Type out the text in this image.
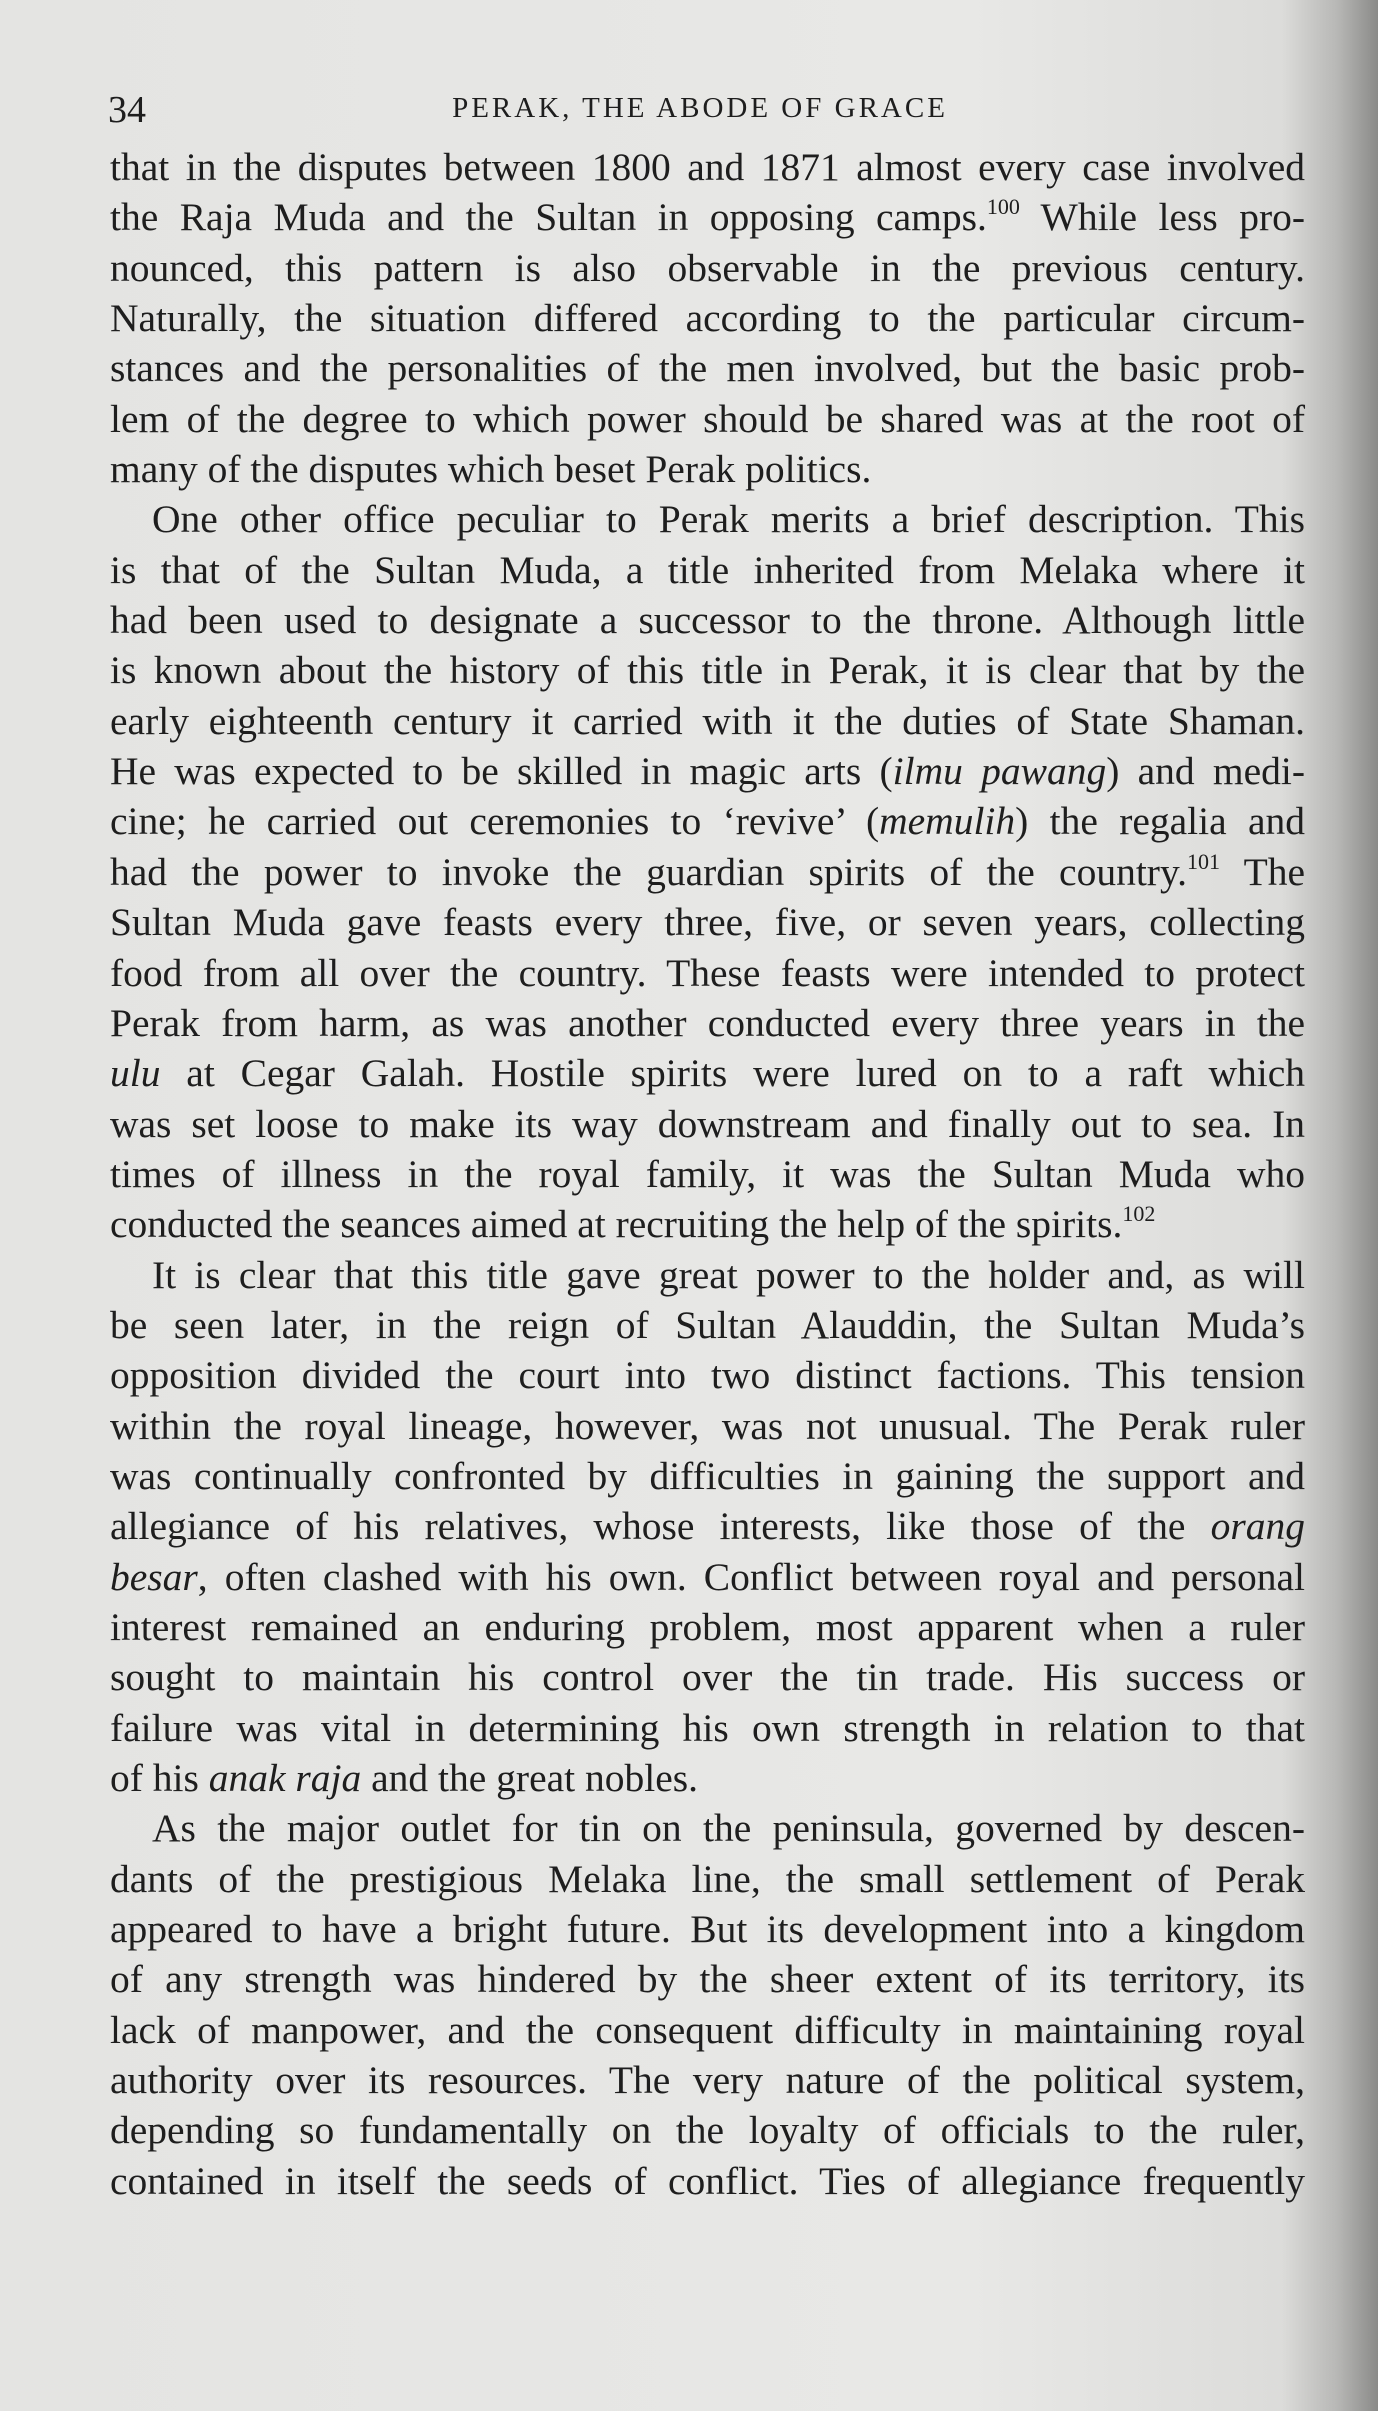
34	PERAK, THE ABODE OF GRACE
that in the disputes between 1800 and 1871 almost every case involved
the Raja Muda and the Sultan in opposing camps.$^{100}$ While less pro-
nounced, this pattern is also observable in the previous century.
Naturally, the situation differed according to the particular circum-
stances and the personalities of the men involved, but the basic prob-
lem of the degree to which power should be shared was at the root of
many of the disputes which beset Perak politics.
One other office peculiar to Perak merits a brief description. This
is that of the Sultan Muda, a title inherited from Melaka where it
had been used to designate a successor to the throne. Although little
is known about the history of this title in Perak, it is clear that by the
early eighteenth century it carried with it the duties of State Shaman.
He was expected to be skilled in magic arts (ilmu pawang) and medi-
cine; he carried out ceremonies to ‘revive’ (memulih) the regalia and
had the power to invoke the guardian spirits of the country.$^{101}$ The
Sultan Muda gave feasts every three, five, or seven years, collecting
food from all over the country. These feasts were intended to protect
Perak from harm, as was another conducted every three years in the
ulu at Cegar Galah. Hostile spirits were lured on to a raft which
was set loose to make its way downstream and finally out to sea. In
times of illness in the royal family, it was the Sultan Muda who
conducted the seances aimed at recruiting the help of the spirits.$^{102}$
It is clear that this title gave great power to the holder and, as will
be seen later, in the reign of Sultan Alauddin, the Sultan Muda’s
opposition divided the court into two distinct factions. This tension
within the royal lineage, however, was not unusual. The Perak ruler
was continually confronted by difficulties in gaining the support and
allegiance of his relatives, whose interests, like those of the orang
besar, often clashed with his own. Conflict between royal and personal
interest remained an enduring problem, most apparent when a ruler
sought to maintain his control over the tin trade. His success or
failure was vital in determining his own strength in relation to that
of his anak raja and the great nobles.
As the major outlet for tin on the peninsula, governed by descen-
dants of the prestigious Melaka line, the small settlement of Perak
appeared to have a bright future. But its development into a kingdom
of any strength was hindered by the sheer extent of its territory, its
lack of manpower, and the consequent difficulty in maintaining royal
authority over its resources. The very nature of the political system,
depending so fundamentally on the loyalty of officials to the ruler,
contained in itself the seeds of conflict. Ties of allegiance frequently
